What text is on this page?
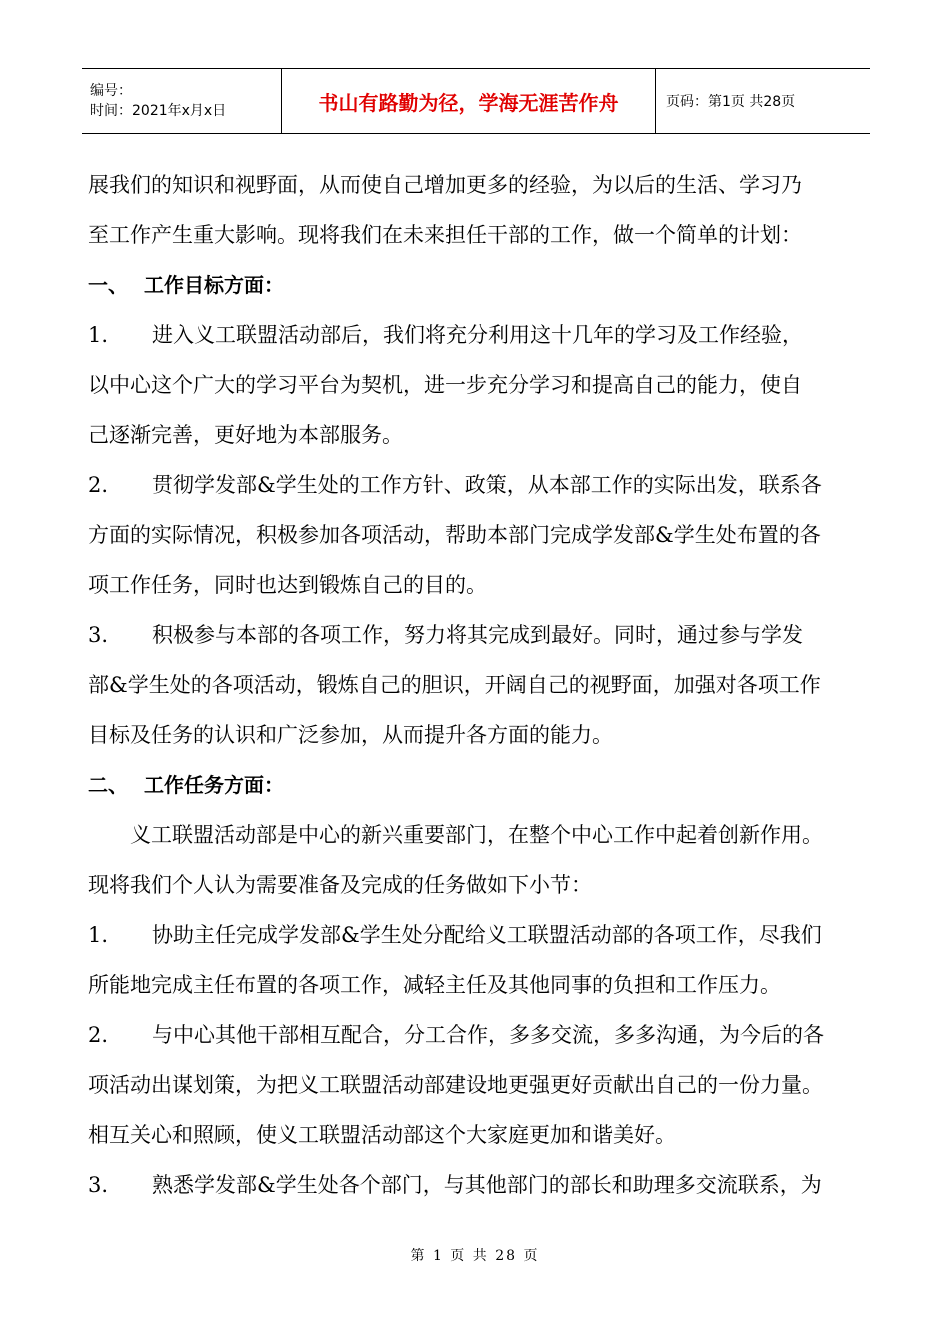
编号：
时间：2021年x月x日	书山有路勤为径，学海无涯苦作舟	页码：第1页 共28页

展我们的知识和视野面，从而使自己增加更多的经验，为以后的生活、学习乃

至工作产生重大影响。现将我们在未来担任干部的工作，做一个简单的计划：

一、 工作目标方面：

1. 进入义工联盟活动部后，我们将充分利用这十几年的学习及工作经验，

以中心这个广大的学习平台为契机，进一步充分学习和提高自己的能力，使自

己逐渐完善，更好地为本部服务。

2. 贯彻学发部&学生处的工作方针、政策，从本部工作的实际出发，联系各

方面的实际情况，积极参加各项活动，帮助本部门完成学发部&学生处布置的各

项工作任务，同时也达到锻炼自己的目的。

3. 积极参与本部的各项工作，努力将其完成到最好。同时，通过参与学发

部&学生处的各项活动，锻炼自己的胆识，开阔自己的视野面，加强对各项工作

目标及任务的认识和广泛参加，从而提升各方面的能力。

二、 工作任务方面：

义工联盟活动部是中心的新兴重要部门，在整个中心工作中起着创新作用。

现将我们个人认为需要准备及完成的任务做如下小节：

1. 协助主任完成学发部&学生处分配给义工联盟活动部的各项工作，尽我们

所能地完成主任布置的各项工作，减轻主任及其他同事的负担和工作压力。

2. 与中心其他干部相互配合，分工合作，多多交流，多多沟通，为今后的各

项活动出谋划策，为把义工联盟活动部建设地更强更好贡献出自己的一份力量。

相互关心和照顾，使义工联盟活动部这个大家庭更加和谐美好。

3. 熟悉学发部&学生处各个部门，与其他部门的部长和助理多交流联系，为

第 1 页 共 28 页
